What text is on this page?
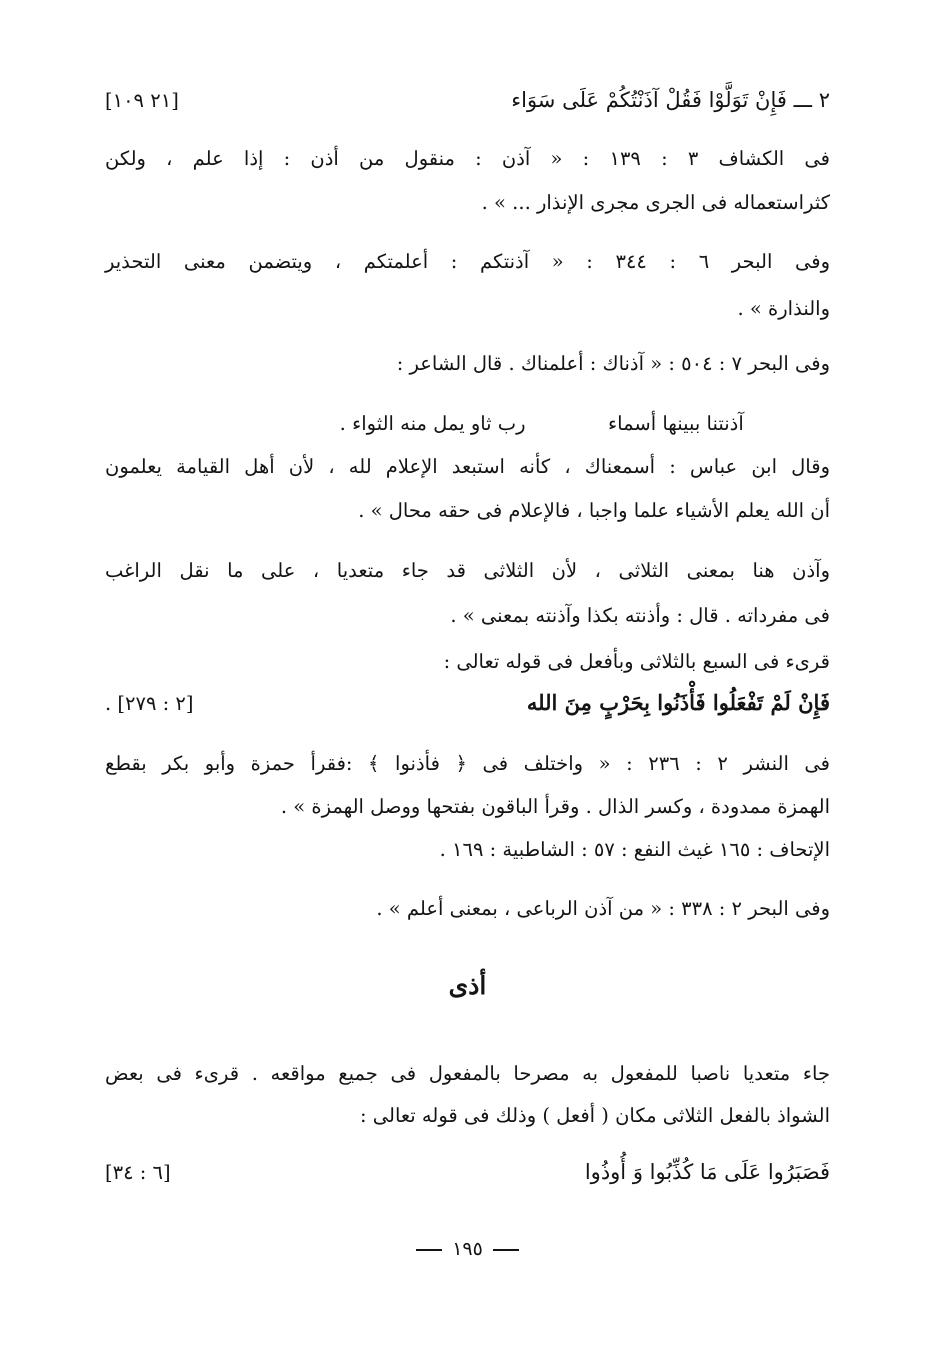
٢ ـــ فَإِنْ تَوَلَّوْا فَقُلْ آذَنْتُكُمْ عَلَى سَوَاء
[٢١ ١٠٩]
فى الكشاف ٣ : ١٣٩ : « آذن : منقول من أذن : إذا علم ، ولكن
كثراستعماله فى الجرى مجرى الإنذار ... » .
وفى البحر ٦ : ٣٤٤ : « آذنتكم : أعلمتكم ، ويتضمن معنى التحذير
والنذارة » .
وفى البحر ٧ : ٥٠٤ : « آذناك : أعلمناك . قال الشاعر :
آذنتنا ببينها أسماء  رب ثاو يمل منه الثواء .
وقال ابن عباس : أسمعناك ، كأنه استبعد الإعلام لله ، لأن أهل القيامة يعلمون
أن الله يعلم الأشياء علما واجبا ، فالإعلام فى حقه محال » .
وآذن هنا بمعنى الثلاثى ، لأن الثلاثى قد جاء متعديا ، على ما نقل الراغب
فى مفرداته . قال : وأذنته بكذا وآذنته بمعنى » .
قرىء فى السبع بالثلاثى وبأفعل فى قوله تعالى :
فَإِنْ لَمْ تَفْعَلُوا فَأْذَنُوا بِحَرْبٍ مِنَ الله
[٢ : ٢٧٩] .
فى النشر ٢ : ٢٣٦ : « واختلف فى ﴿ فأذنوا ﴾ :فقرأ حمزة وأبو بكر بقطع
الهمزة ممدودة ، وكسر الذال . وقرأ الباقون بفتحها ووصل الهمزة » .
الإتحاف : ١٦٥ غيث النفع : ٥٧ : الشاطبية : ١٦٩ .
وفى البحر ٢ : ٣٣٨ : « من آذن الرباعى ، بمعنى أعلم » .
أذى
جاء متعديا ناصبا للمفعول به مصرحا بالمفعول فى جميع مواقعه . قرىء فى بعض
الشواذ بالفعل الثلاثى مكان ( أفعل ) وذلك فى قوله تعالى :
فَصَبَرُوا عَلَى مَا كُذِّبُوا وَ أُوذُوا
[٦ : ٣٤]
١٩٥
